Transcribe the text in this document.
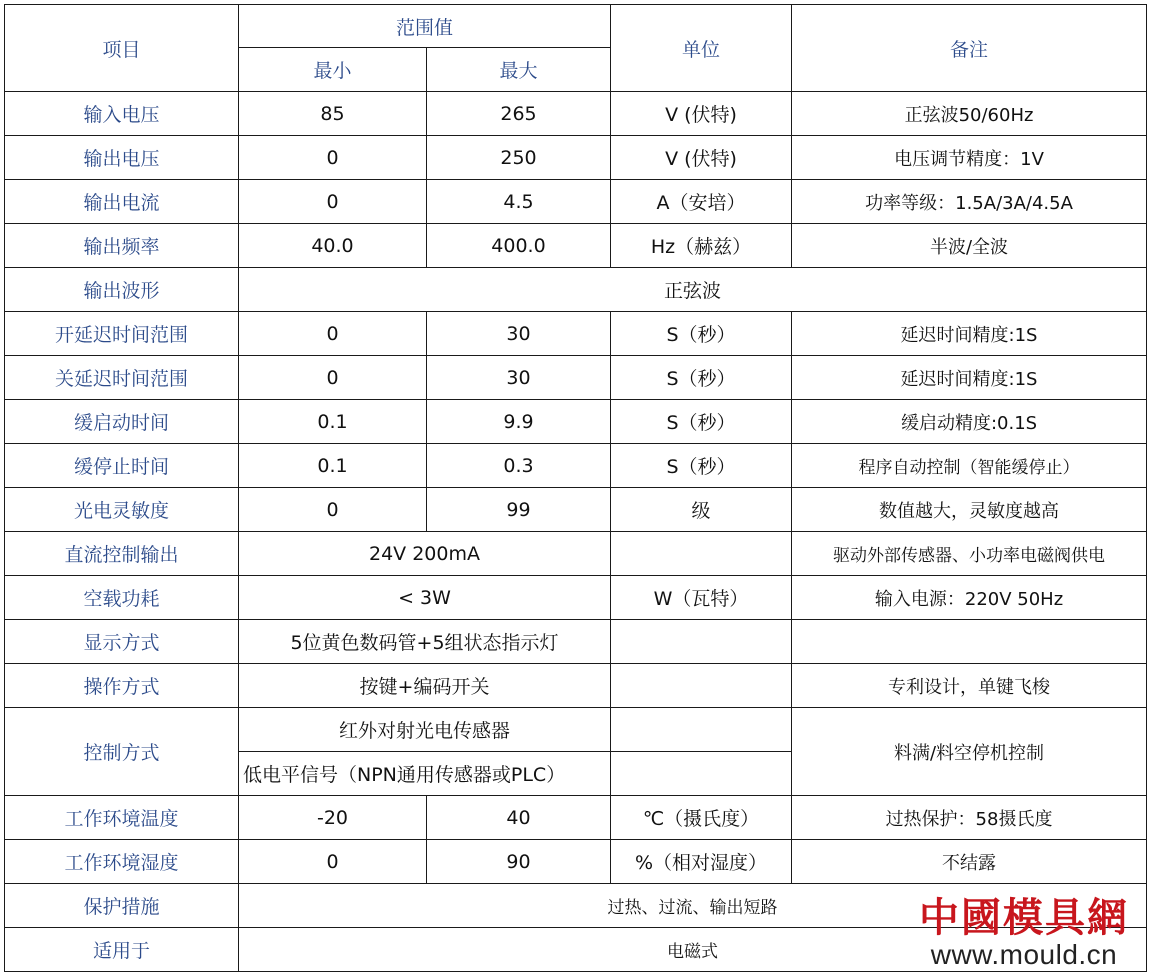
项目	范围值		单位	备注
	最小	最大		
输入电压	85	265	V (伏特)	正弦波50/60Hz
输出电压	0	250	V (伏特)	电压调节精度：1V
输出电流	0	4.5	A（安培）	功率等级：1.5A/3A/4.5A
输出频率	40.0	400.0	Hz（赫兹）	半波/全波
输出波形	正弦波			
开延迟时间范围	0	30	S（秒）	延迟时间精度:1S
关延迟时间范围	0	30	S（秒）	延迟时间精度:1S
缓启动时间	0.1	9.9	S（秒）	缓启动精度:0.1S
缓停止时间	0.1	0.3	S（秒）	程序自动控制（智能缓停止）
光电灵敏度	0	99	级	数值越大，灵敏度越高
直流控制输出	24V 200mA			驱动外部传感器、小功率电磁阀供电
空载功耗	< 3W		W（瓦特）	输入电源：220V 50Hz
显示方式	5位黄色数码管+5组状态指示灯			
操作方式	按键+编码开关			专利设计，单键飞梭
控制方式	红外对射光电传感器			料满/料空停机控制
	低电平信号（NPN通用传感器或PLC）			
工作环境温度	-20	40	℃（摄氏度）	过热保护：58摄氏度
工作环境湿度	0	90	%（相对湿度）	不结露
保护措施	过热、过流、输出短路			
适用于	电磁式			
中國模具網
www.mould.cn
